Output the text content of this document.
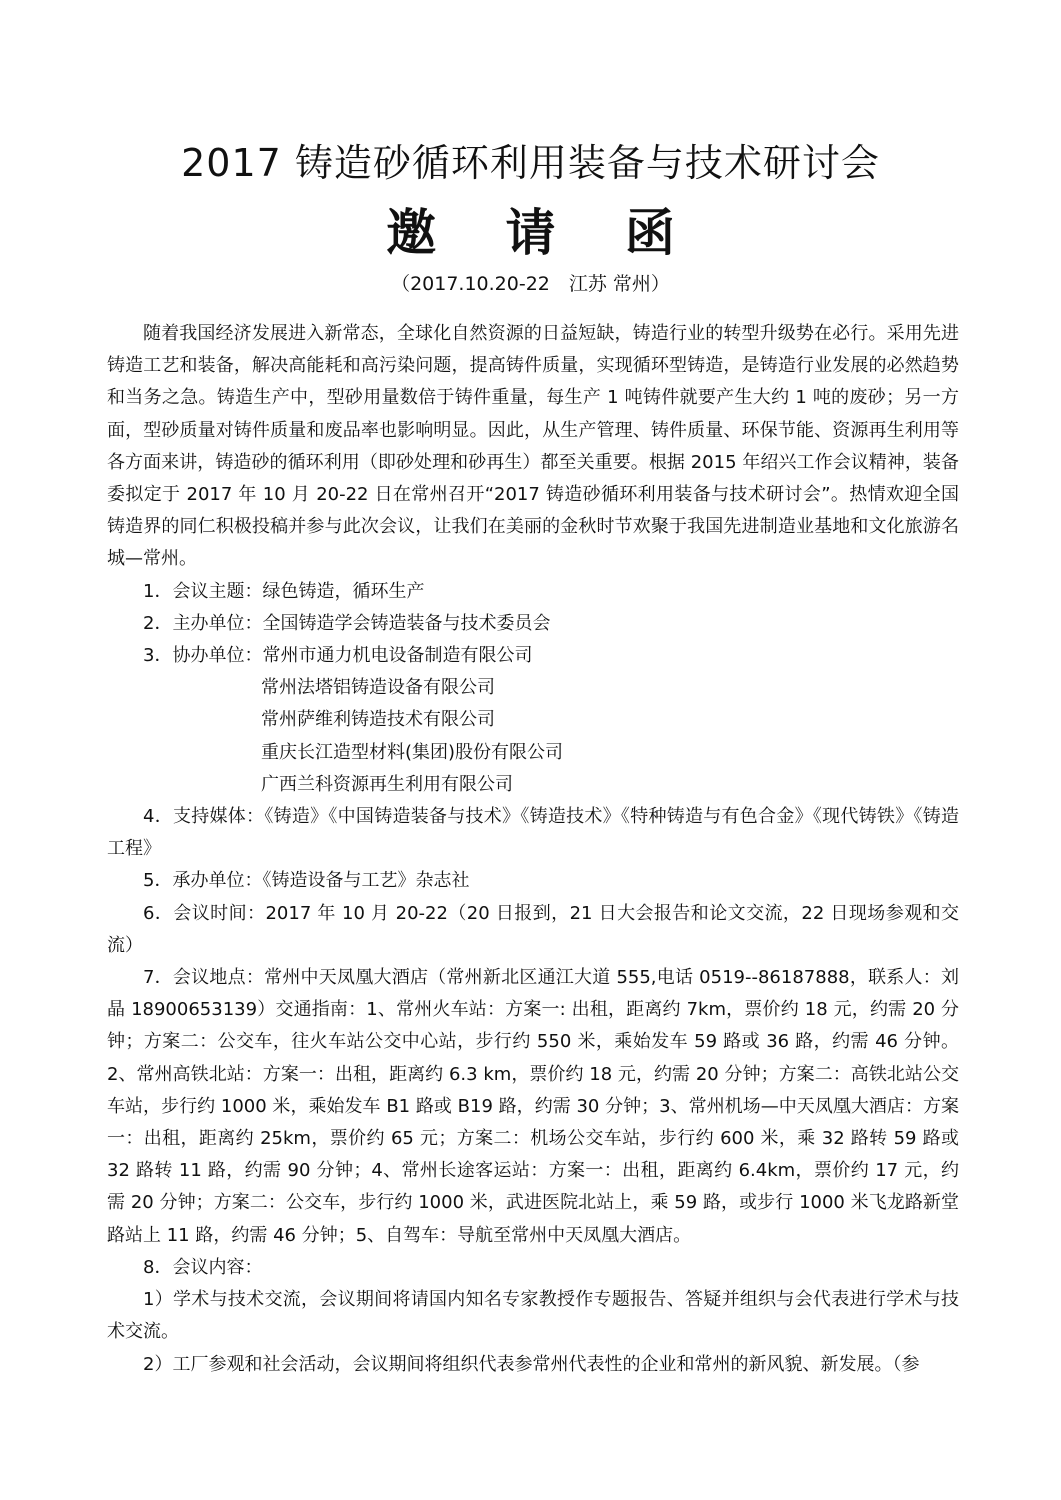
2017 铸造砂循环利用装备与技术研讨会
邀 请 函
（2017.10.20-22　江苏 常州）

随着我国经济发展进入新常态，全球化自然资源的日益短缺，铸造行业的转型升级势在必行。采用先进铸造工艺和装备，解决高能耗和高污染问题，提高铸件质量，实现循环型铸造，是铸造行业发展的必然趋势和当务之急。铸造生产中，型砂用量数倍于铸件重量，每生产 1 吨铸件就要产生大约 1 吨的废砂；另一方面，型砂质量对铸件质量和废品率也影响明显。因此，从生产管理、铸件质量、环保节能、资源再生利用等各方面来讲，铸造砂的循环利用（即砂处理和砂再生）都至关重要。根据 2015 年绍兴工作会议精神，装备委拟定于 2017 年 10 月 20-22 日在常州召开“2017 铸造砂循环利用装备与技术研讨会”。热情欢迎全国铸造界的同仁积极投稿并参与此次会议，让我们在美丽的金秋时节欢聚于我国先进制造业基地和文化旅游名城—常州。

1．会议主题：绿色铸造，循环生产

2．主办单位：全国铸造学会铸造装备与技术委员会

3．协办单位：常州市通力机电设备制造有限公司

常州法塔铝铸造设备有限公司

常州萨维利铸造技术有限公司

重庆长江造型材料(集团)股份有限公司

广西兰科资源再生利用有限公司

4．支持媒体：《铸造》《中国铸造装备与技术》《铸造技术》《特种铸造与有色合金》《现代铸铁》《铸造工程》

5．承办单位：《铸造设备与工艺》杂志社

6．会议时间：2017 年 10 月 20-22（20 日报到，21 日大会报告和论文交流，22 日现场参观和交流）

7．会议地点：常州中天凤凰大酒店（常州新北区通江大道 555,电话 0519--86187888，联系人：刘晶 18900653139）交通指南：1、常州火车站：方案一: 出租，距离约 7km，票价约 18 元，约需 20 分钟；方案二：公交车，往火车站公交中心站，步行约 550 米，乘始发车 59 路或 36 路，约需 46 分钟。2、常州高铁北站：方案一：出租，距离约 6.3 km，票价约 18 元，约需 20 分钟；方案二：高铁北站公交车站，步行约 1000 米，乘始发车 B1 路或 B19 路，约需 30 分钟；3、常州机场—中天凤凰大酒店：方案一：出租，距离约 25km，票价约 65 元；方案二：机场公交车站，步行约 600 米，乘 32 路转 59 路或 32 路转 11 路，约需 90 分钟；4、常州长途客运站：方案一：出租，距离约 6.4km，票价约 17 元，约需 20 分钟；方案二：公交车，步行约 1000 米，武进医院北站上，乘 59 路，或步行 1000 米飞龙路新堂路站上 11 路，约需 46 分钟；5、自驾车：导航至常州中天凤凰大酒店。

8．会议内容：

1）学术与技术交流，会议期间将请国内知名专家教授作专题报告、答疑并组织与会代表进行学术与技术交流。

2）工厂参观和社会活动，会议期间将组织代表参常州代表性的企业和常州的新风貌、新发展。（参
